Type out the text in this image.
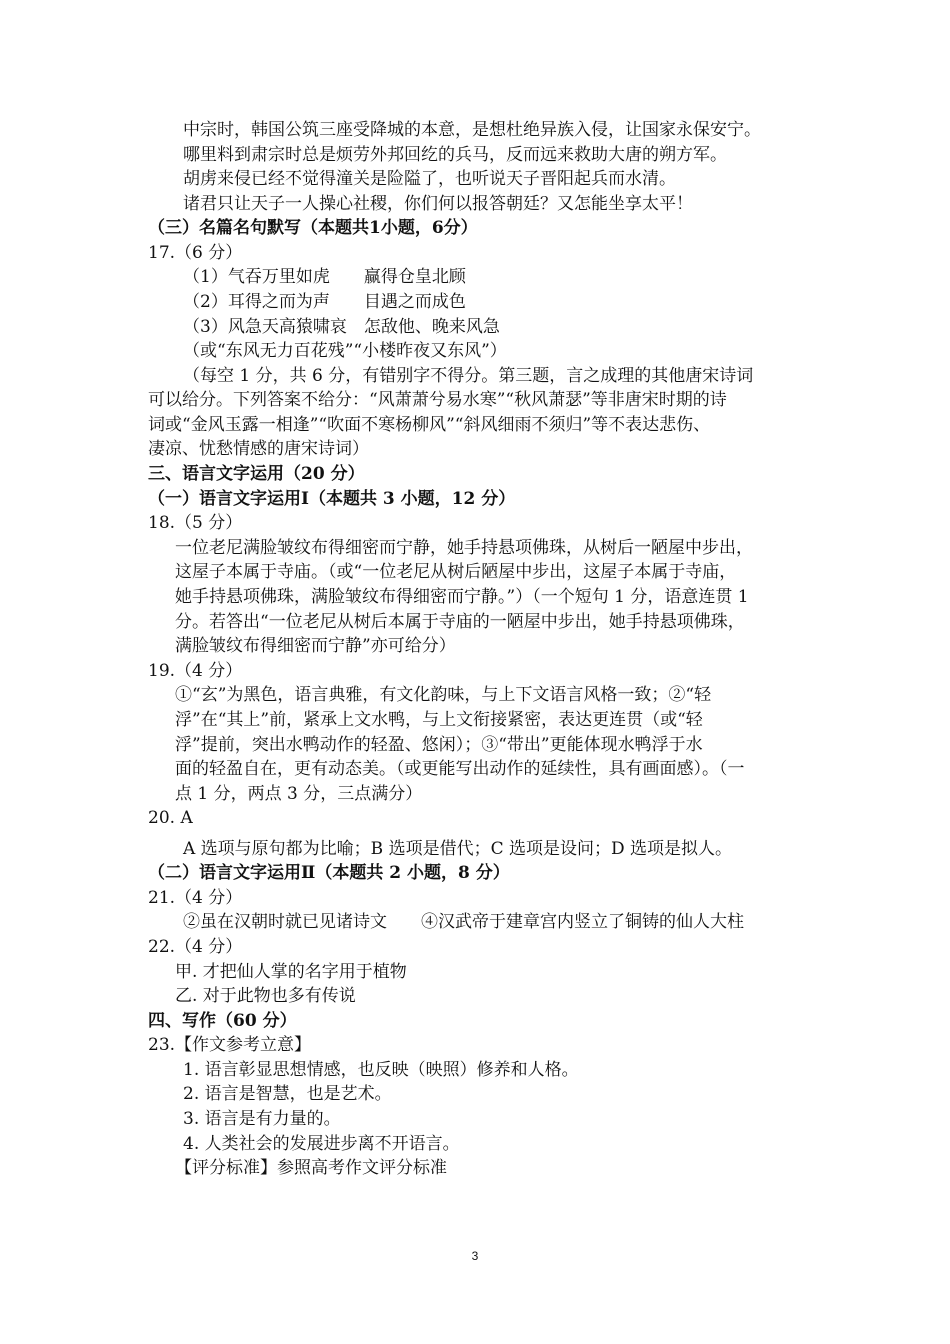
中宗时，韩国公筑三座受降城的本意，是想杜绝异族入侵，让国家永保安宁。
哪里料到肃宗时总是烦劳外邦回纥的兵马，反而远来救助大唐的朔方军。
胡虏来侵已经不觉得潼关是险隘了，也听说天子晋阳起兵而水清。
诸君只让天子一人操心社稷，你们何以报答朝廷？又怎能坐享太平！
（三）名篇名句默写（本题共1小题，6分）
17.（6 分）
（1）气吞万里如虎　　赢得仓皇北顾
（2）耳得之而为声　　目遇之而成色
（3）风急天高猿啸哀　怎敌他、晚来风急
（或“东风无力百花残”“小楼昨夜又东风”）
（每空 1 分，共 6 分，有错别字不得分。第三题，言之成理的其他唐宋诗词
可以给分。下列答案不给分：“风萧萧兮易水寒”“秋风萧瑟”等非唐宋时期的诗
词或“金风玉露一相逢”“吹面不寒杨柳风”“斜风细雨不须归”等不表达悲伤、
凄凉、忧愁情感的唐宋诗词）
三、语言文字运用（20 分）
（一）语言文字运用Ⅰ（本题共 3 小题，12 分）
18.（5 分）
一位老尼满脸皱纹布得细密而宁静，她手持悬项佛珠，从树后一陋屋中步出，
这屋子本属于寺庙。（或“一位老尼从树后陋屋中步出，这屋子本属于寺庙，
她手持悬项佛珠，满脸皱纹布得细密而宁静。”）（一个短句 1 分，语意连贯 1
分。若答出“一位老尼从树后本属于寺庙的一陋屋中步出，她手持悬项佛珠，
满脸皱纹布得细密而宁静”亦可给分）
19.（4 分）
①“玄”为黑色，语言典雅，有文化韵味，与上下文语言风格一致；②“轻
浮”在“其上”前，紧承上文水鸭，与上文衔接紧密，表达更连贯（或“轻
浮”提前，突出水鸭动作的轻盈、悠闲）；③“带出”更能体现水鸭浮于水
面的轻盈自在，更有动态美。（或更能写出动作的延续性，具有画面感）。（一
点 1 分，两点 3 分，三点满分）
20. A
A 选项与原句都为比喻；B 选项是借代；C 选项是设问；D 选项是拟人。
（二）语言文字运用Ⅱ（本题共 2 小题，8 分）
21.（4 分）
②虽在汉朝时就已见诸诗文　　④汉武帝于建章宫内竖立了铜铸的仙人大柱
22.（4 分）
甲. 才把仙人掌的名字用于植物
乙. 对于此物也多有传说
四、写作（60 分）
23.【作文参考立意】
1. 语言彰显思想情感，也反映（映照）修养和人格。
2. 语言是智慧，也是艺术。
3. 语言是有力量的。
4. 人类社会的发展进步离不开语言。
【评分标准】参照高考作文评分标准
3
